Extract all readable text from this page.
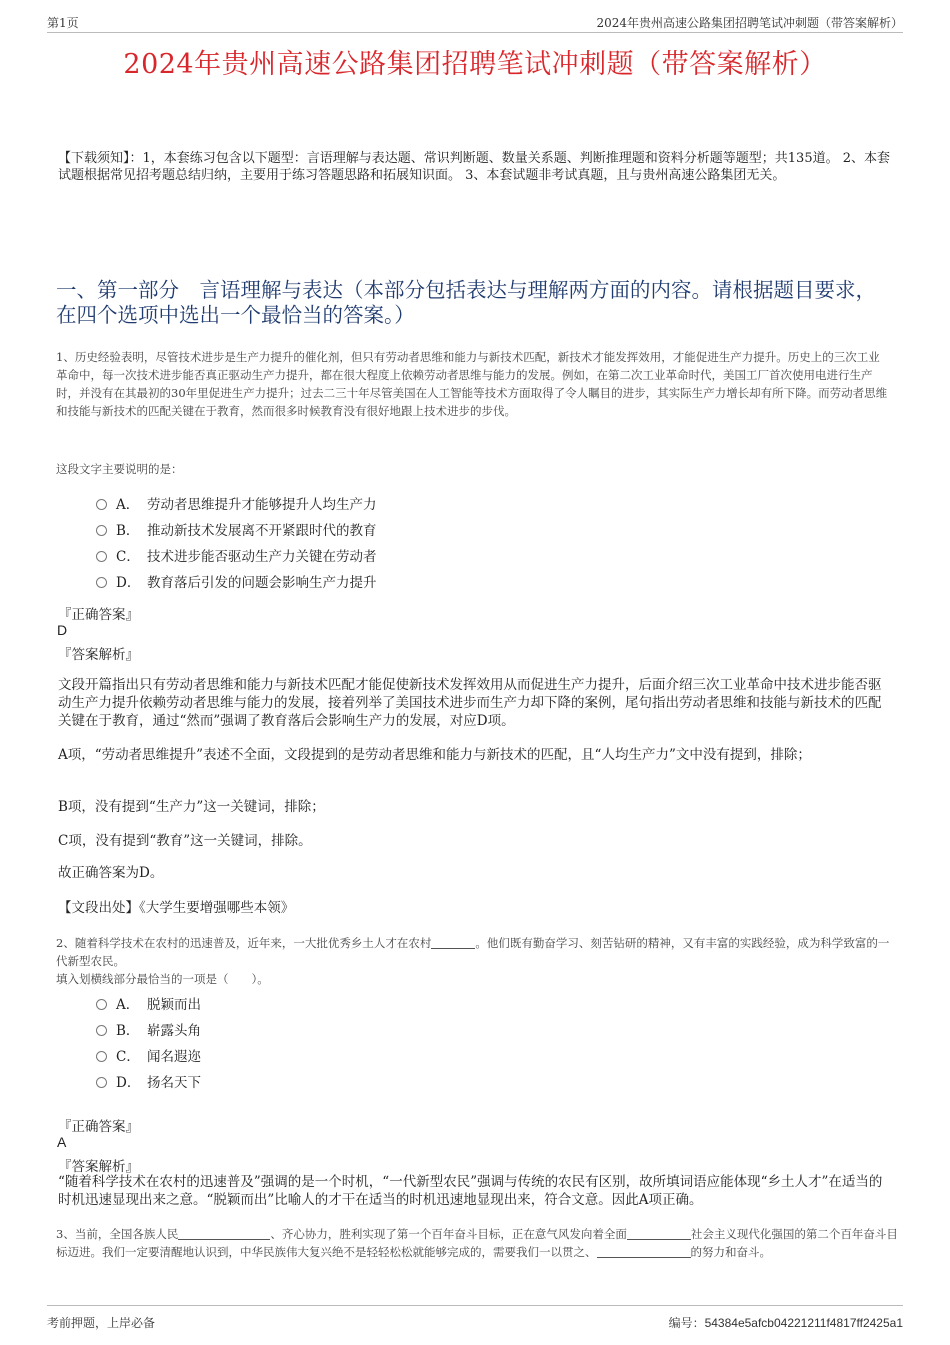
第1页	2024年贵州高速公路集团招聘笔试冲刺题（带答案解析）
2024年贵州高速公路集团招聘笔试冲刺题（带答案解析）
【下载须知】：1，本套练习包含以下题型：言语理解与表达题、常识判断题、数量关系题、判断推理题和资料分析题等题型；共135道。 2、本套试题根据常见招考题总结归纳，主要用于练习答题思路和拓展知识面。 3、本套试题非考试真题，且与贵州高速公路集团无关。
一、第一部分　言语理解与表达（本部分包括表达与理解两方面的内容。请根据题目要求，在四个选项中选出一个最恰当的答案。）
1、历史经验表明，尽管技术进步是生产力提升的催化剂，但只有劳动者思维和能力与新技术匹配，新技术才能发挥效用，才能促进生产力提升。历史上的三次工业革命中，每一次技术进步能否真正驱动生产力提升，都在很大程度上依赖劳动者思维与能力的发展。例如，在第二次工业革命时代，美国工厂首次使用电进行生产时，并没有在其最初的30年里促进生产力提升；过去二三十年尽管美国在人工智能等技术方面取得了令人瞩目的进步，其实际生产力增长却有所下降。而劳动者思维和技能与新技术的匹配关键在于教育，然而很多时候教育没有很好地跟上技术进步的步伐。
这段文字主要说明的是：
A． 劳动者思维提升才能够提升人均生产力
B． 推动新技术发展离不开紧跟时代的教育
C． 技术进步能否驱动生产力关键在劳动者
D． 教育落后引发的问题会影响生产力提升
『正确答案』
D
『答案解析』
文段开篇指出只有劳动者思维和能力与新技术匹配才能促使新技术发挥效用从而促进生产力提升，后面介绍三次工业革命中技术进步能否驱动生产力提升依赖劳动者思维与能力的发展，接着列举了美国技术进步而生产力却下降的案例，尾句指出劳动者思维和技能与新技术的匹配关键在于教育，通过“然而”强调了教育落后会影响生产力的发展，对应D项。
A项，“劳动者思维提升”表述不全面，文段提到的是劳动者思维和能力与新技术的匹配，且“人均生产力”文中没有提到，排除；
B项，没有提到“生产力”这一关键词，排除；
C项，没有提到“教育”这一关键词，排除。
故正确答案为D。
【文段出处】《大学生要增强哪些本领》
2、随着科学技术在农村的迅速普及，近年来，一大批优秀乡土人才在农村	。他们既有勤奋学习、刻苦钻研的精神，又有丰富的实践经验，成为科学致富的一代新型农民。
填入划横线部分最恰当的一项是（　　）。
A． 脱颖而出
B． 崭露头角
C． 闻名遐迩
D． 扬名天下
『正确答案』
A
『答案解析』
“随着科学技术在农村的迅速普及”强调的是一个时机，“一代新型农民”强调与传统的农民有区别，故所填词语应能体现“乡土人才”在适当的时机迅速显现出来之意。“脱颖而出”比喻人的才干在适当的时机迅速地显现出来，符合文意。因此A项正确。
3、当前，全国各族人民	、齐心协力，胜利实现了第一个百年奋斗目标，正在意气风发向着全面	社会主义现代化强国的第二个百年奋斗目标迈进。我们一定要清醒地认识到，中华民族伟大复兴绝不是轻轻松松就能够完成的，需要我们一以贯之、	的努力和奋斗。
考前押题，上岸必备	编号：54384e5afcb04221211f4817ff2425a1
